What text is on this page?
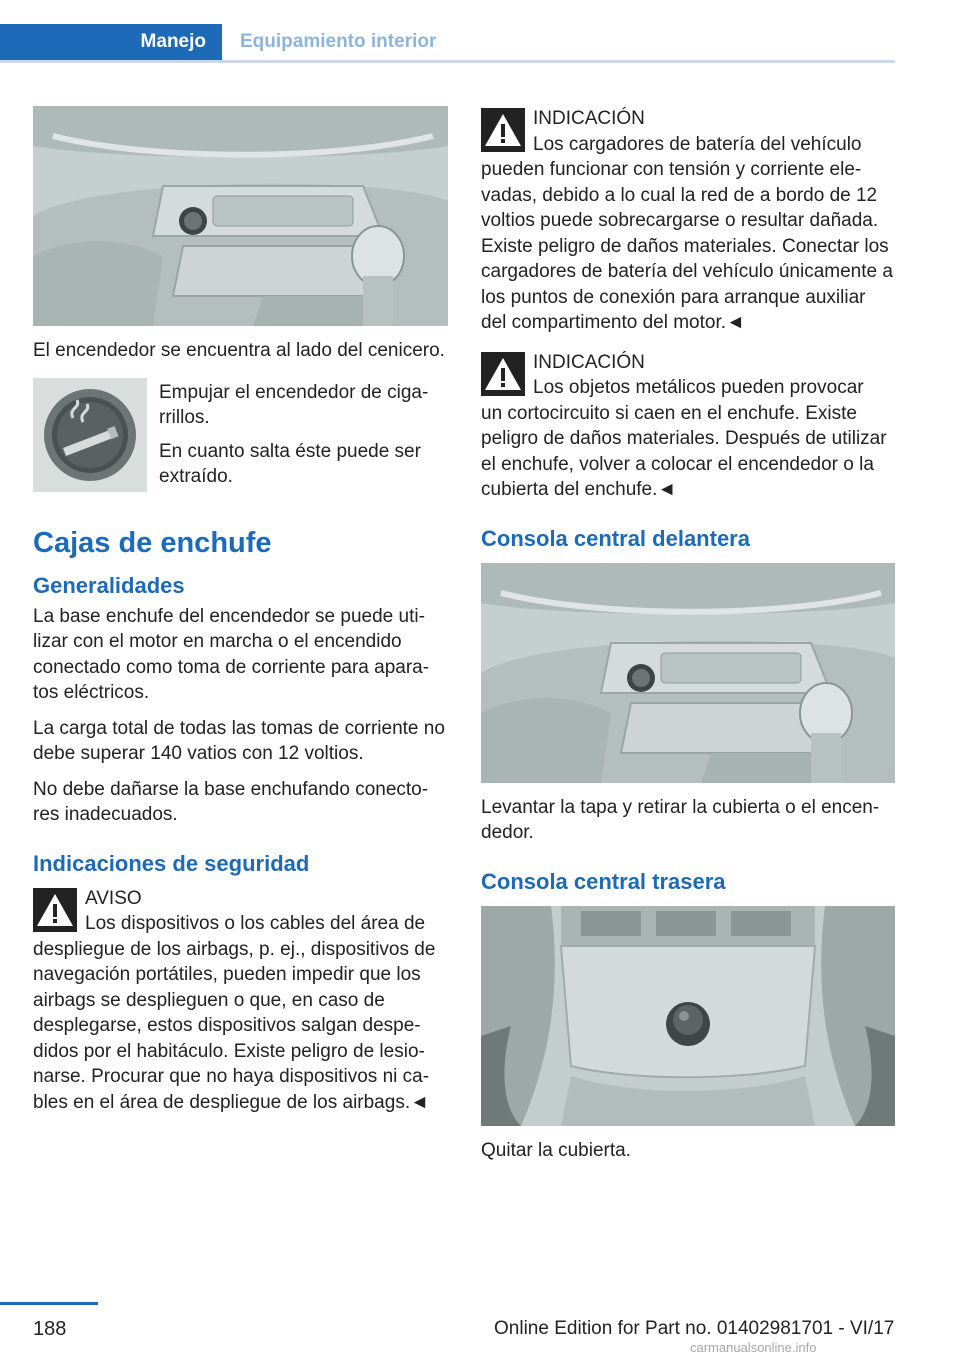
Manejo	Equipamiento interior

El encendedor se encuentra al lado del cenicero.

Empujar el encendedor de cigarrillos.

En cuanto salta éste puede ser extraído.

Cajas de enchufe
Generalidades

La base enchufe del encendedor se puede utilizar con el motor en marcha o el encendido conectado como toma de corriente para aparatos eléctricos.

La carga total de todas las tomas de corriente no debe superar 140 vatios con 12 voltios.

No debe dañarse la base enchufando conectores inadecuados.

Indicaciones de seguridad
AVISO
Los dispositivos o los cables del área de

despliegue de los airbags, p. ej., dispositivos de navegación portátiles, pueden impedir que los airbags se desplieguen o que, en caso de desplegarse, estos dispositivos salgan despedidos por el habitáculo. Existe peligro de lesionarse. Procurar que no haya dispositivos ni cables en el área de despliegue de los airbags.◄

INDICACIÓN
Los cargadores de batería del vehículo

pueden funcionar con tensión y corriente elevadas, debido a lo cual la red de a bordo de 12 voltios puede sobrecargarse o resultar dañada. Existe peligro de daños materiales. Conectar los cargadores de batería del vehículo únicamente a los puntos de conexión para arranque auxiliar del compartimento del motor.◄

INDICACIÓN
Los objetos metálicos pueden provocar

un cortocircuito si caen en el enchufe. Existe peligro de daños materiales. Después de utilizar el enchufe, volver a colocar el encendedor o la cubierta del enchufe.◄

Consola central delantera

Levantar la tapa y retirar la cubierta o el encendedor.

Consola central trasera

Quitar la cubierta.

188	Online Edition for Part no. 01402981701 - VI/17
carmanualsonline.info
